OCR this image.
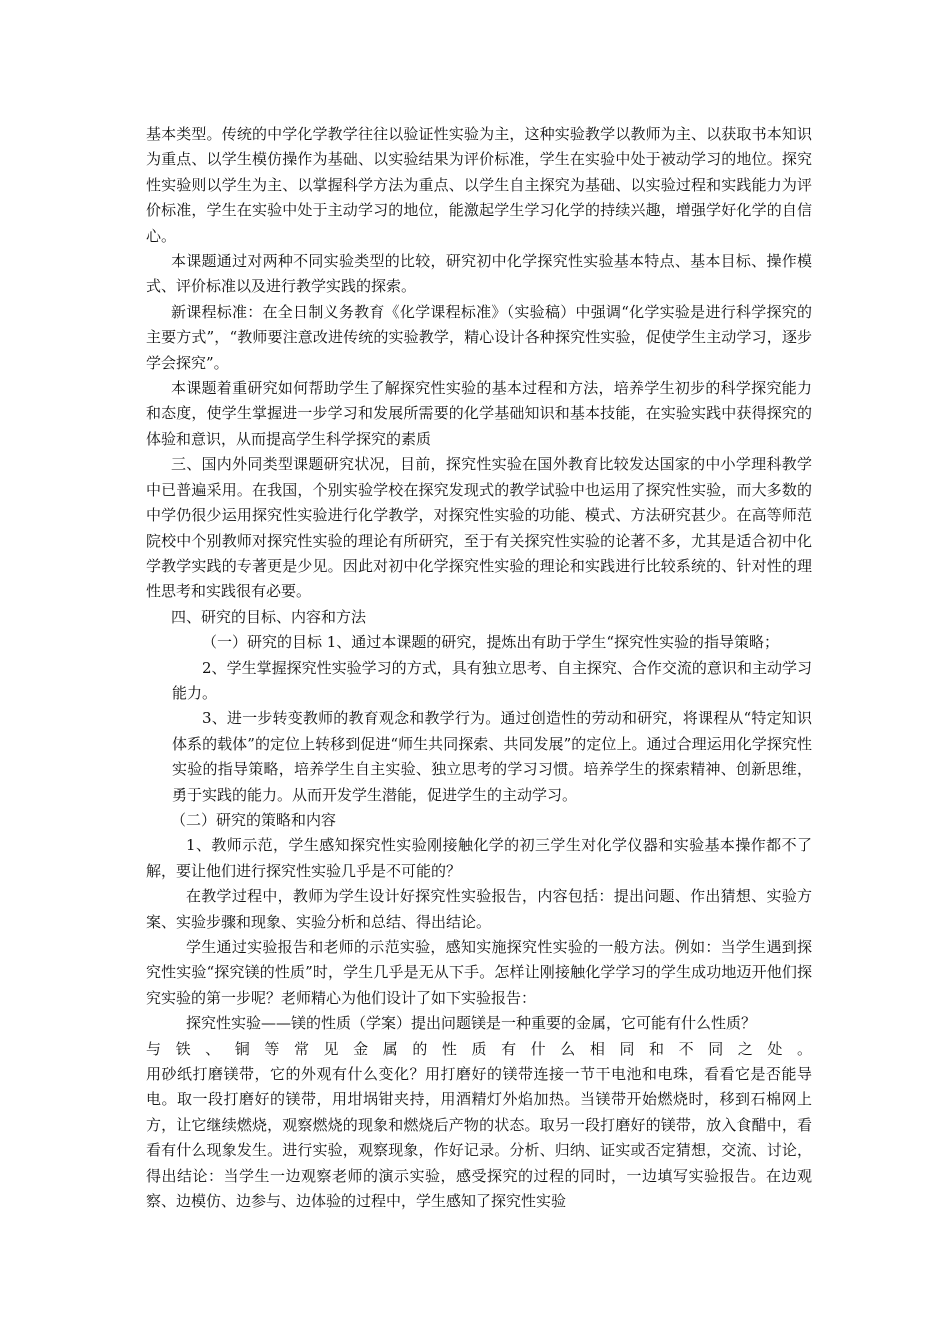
基本类型。传统的中学化学教学往往以验证性实验为主，这种实验教学以教师为主、以获取书本知识为重点、以学生模仿操作为基础、以实验结果为评价标准，学生在实验中处于被动学习的地位。探究性实验则以学生为主、以掌握科学方法为重点、以学生自主探究为基础、以实验过程和实践能力为评价标准，学生在实验中处于主动学习的地位，能激起学生学习化学的持续兴趣，增强学好化学的自信心。

本课题通过对两种不同实验类型的比较，研究初中化学探究性实验基本特点、基本目标、操作模式、评价标准以及进行教学实践的探索。

新课程标准：在全日制义务教育《化学课程标准》（实验稿）中强调“化学实验是进行科学探究的主要方式”，“教师要注意改进传统的实验教学，精心设计各种探究性实验，促使学生主动学习，逐步学会探究”。

本课题着重研究如何帮助学生了解探究性实验的基本过程和方法，培养学生初步的科学探究能力和态度，使学生掌握进一步学习和发展所需要的化学基础知识和基本技能，在实验实践中获得探究的体验和意识，从而提高学生科学探究的素质

三、国内外同类型课题研究状况，目前，探究性实验在国外教育比较发达国家的中小学理科教学中已普遍采用。在我国，个别实验学校在探究发现式的教学试验中也运用了探究性实验，而大多数的中学仍很少运用探究性实验进行化学教学，对探究性实验的功能、模式、方法研究甚少。在高等师范院校中个别教师对探究性实验的理论有所研究，至于有关探究性实验的论著不多，尤其是适合初中化学教学实践的专著更是少见。因此对初中化学探究性实验的理论和实践进行比较系统的、针对性的理性思考和实践很有必要。

四、研究的目标、内容和方法

（一）研究的目标 1、通过本课题的研究，提炼出有助于学生“探究性实验的指导策略；

2、学生掌握探究性实验学习的方式，具有独立思考、自主探究、合作交流的意识和主动学习能力。

3、进一步转变教师的教育观念和教学行为。通过创造性的劳动和研究，将课程从“特定知识体系的载体”的定位上转移到促进“师生共同探索、共同发展”的定位上。通过合理运用化学探究性实验的指导策略，培养学生自主实验、独立思考的学习习惯。培养学生的探索精神、创新思维，勇于实践的能力。从而开发学生潜能，促进学生的主动学习。

（二）研究的策略和内容

1、教师示范，学生感知探究性实验刚接触化学的初三学生对化学仪器和实验基本操作都不了解，要让他们进行探究性实验几乎是不可能的？

在教学过程中，教师为学生设计好探究性实验报告，内容包括：提出问题、作出猜想、实验方案、实验步骤和现象、实验分析和总结、得出结论。

学生通过实验报告和老师的示范实验，感知实施探究性实验的一般方法。例如：当学生遇到探究性实验“探究镁的性质”时，学生几乎是无从下手。怎样让刚接触化学学习的学生成功地迈开他们探究实验的第一步呢？老师精心为他们设计了如下实验报告：

探究性实验——镁的性质（学案）提出问题镁是一种重要的金属，它可能有什么性质？

与铁、铜等常见金属的性质有什么相同和不同之处。

用砂纸打磨镁带，它的外观有什么变化？用打磨好的镁带连接一节干电池和电珠，看看它是否能导电。取一段打磨好的镁带，用坩埚钳夹持，用酒精灯外焰加热。当镁带开始燃烧时，移到石棉网上方，让它继续燃烧，观察燃烧的现象和燃烧后产物的状态。取另一段打磨好的镁带，放入食醋中，看看有什么现象发生。进行实验，观察现象，作好记录。分析、归纳、证实或否定猜想，交流、讨论，得出结论：当学生一边观察老师的演示实验，感受探究的过程的同时，一边填写实验报告。在边观察、边模仿、边参与、边体验的过程中，学生感知了探究性实验
